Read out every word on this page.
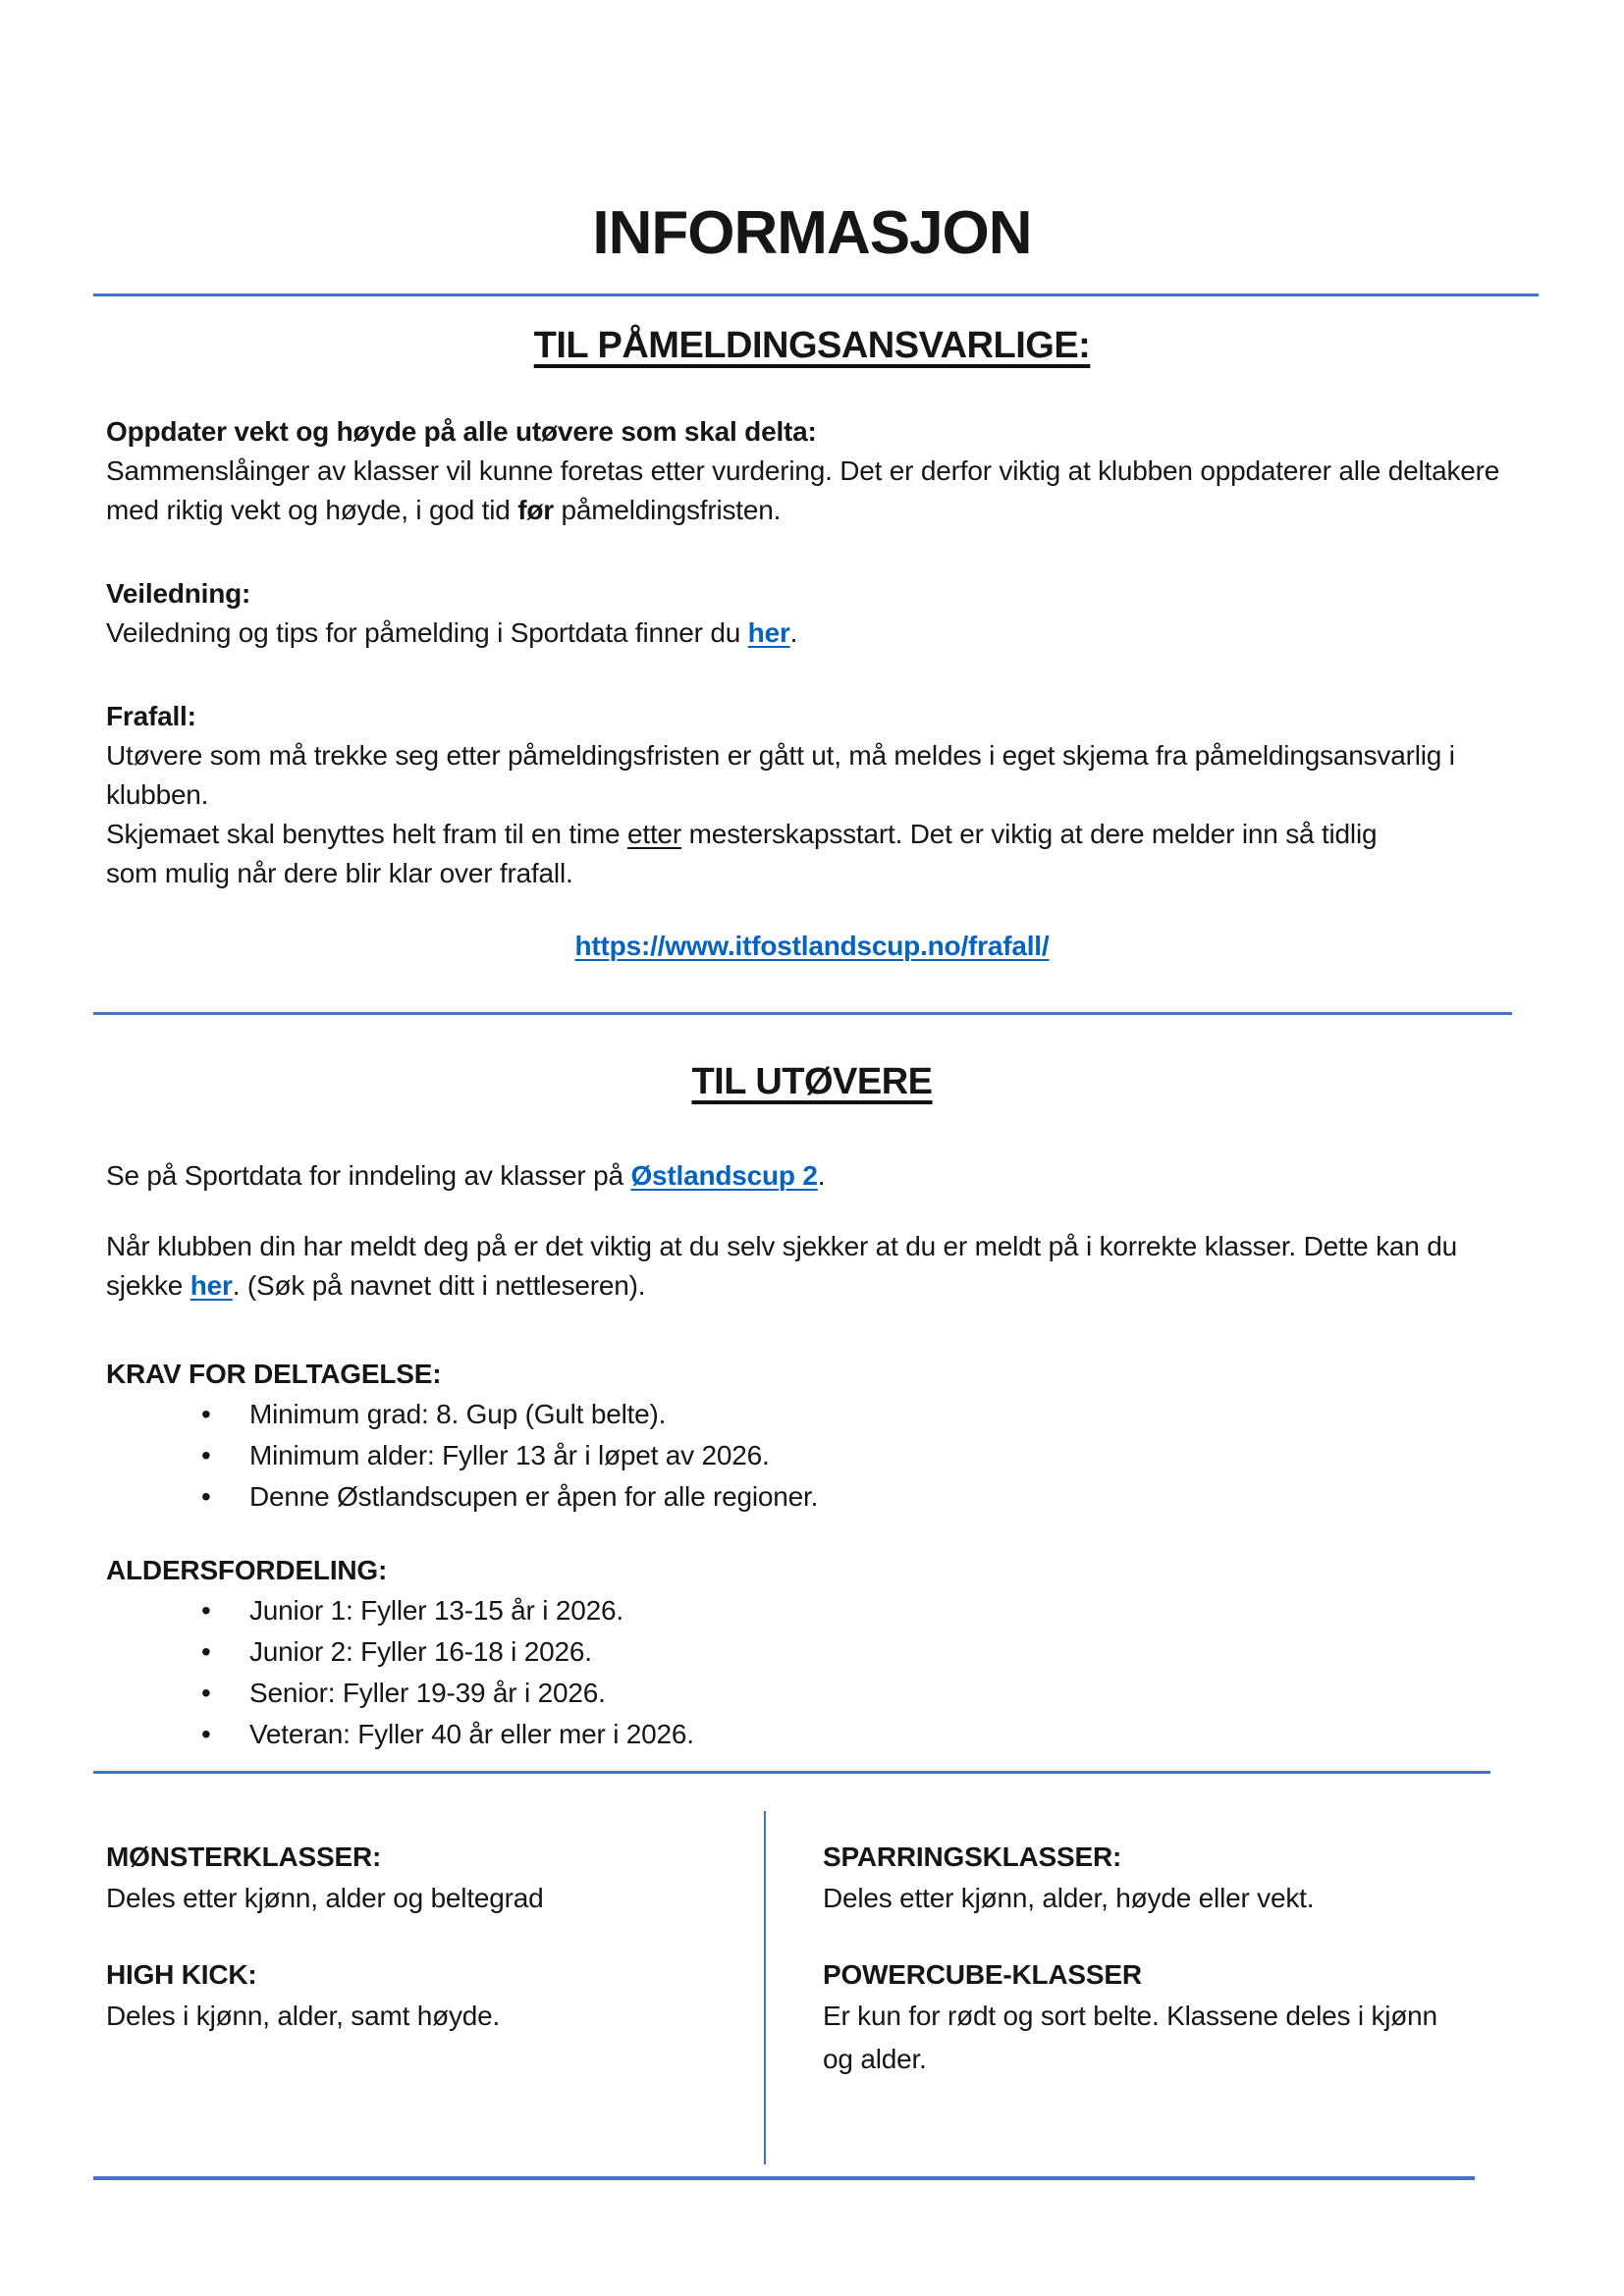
INFORMASJON
TIL PÅMELDINGSANSVARLIGE:
Oppdater vekt og høyde på alle utøvere som skal delta:
Sammenslåinger av klasser vil kunne foretas etter vurdering. Det er derfor viktig at klubben oppdaterer alle deltakere med riktig vekt og høyde, i god tid før påmeldingsfristen.
Veiledning:
Veiledning og tips for påmelding i Sportdata finner du her.
Frafall:
Utøvere som må trekke seg etter påmeldingsfristen er gått ut, må meldes i eget skjema fra påmeldingsansvarlig i klubben.
Skjemaet skal benyttes helt fram til en time etter mesterskapsstart. Det er viktig at dere melder inn så tidlig som mulig når dere blir klar over frafall.
https://www.itfostlandscup.no/frafall/
TIL UTØVERE
Se på Sportdata for inndeling av klasser på Østlandscup 2.
Når klubben din har meldt deg på er det viktig at du selv sjekker at du er meldt på i korrekte klasser. Dette kan du sjekke her. (Søk på navnet ditt i nettleseren).
KRAV FOR DELTAGELSE:
•
Minimum grad: 8. Gup (Gult belte).
•
Minimum alder: Fyller 13 år i løpet av 2026.
•
Denne Østlandscupen er åpen for alle regioner.
ALDERSFORDELING:
•
Junior 1: Fyller 13-15 år i 2026.
•
Junior 2: Fyller 16-18 i 2026.
•
Senior: Fyller 19-39 år i 2026.
•
Veteran: Fyller 40 år eller mer i 2026.
MØNSTERKLASSER:

Deles etter kjønn, alder og beltegrad

HIGH KICK:

Deles i kjønn, alder, samt høyde.

SPARRINGSKLASSER:

Deles etter kjønn, alder, høyde eller vekt.

POWERCUBE-KLASSER

Er kun for rødt og sort belte. Klassene deles i kjønn og alder.
